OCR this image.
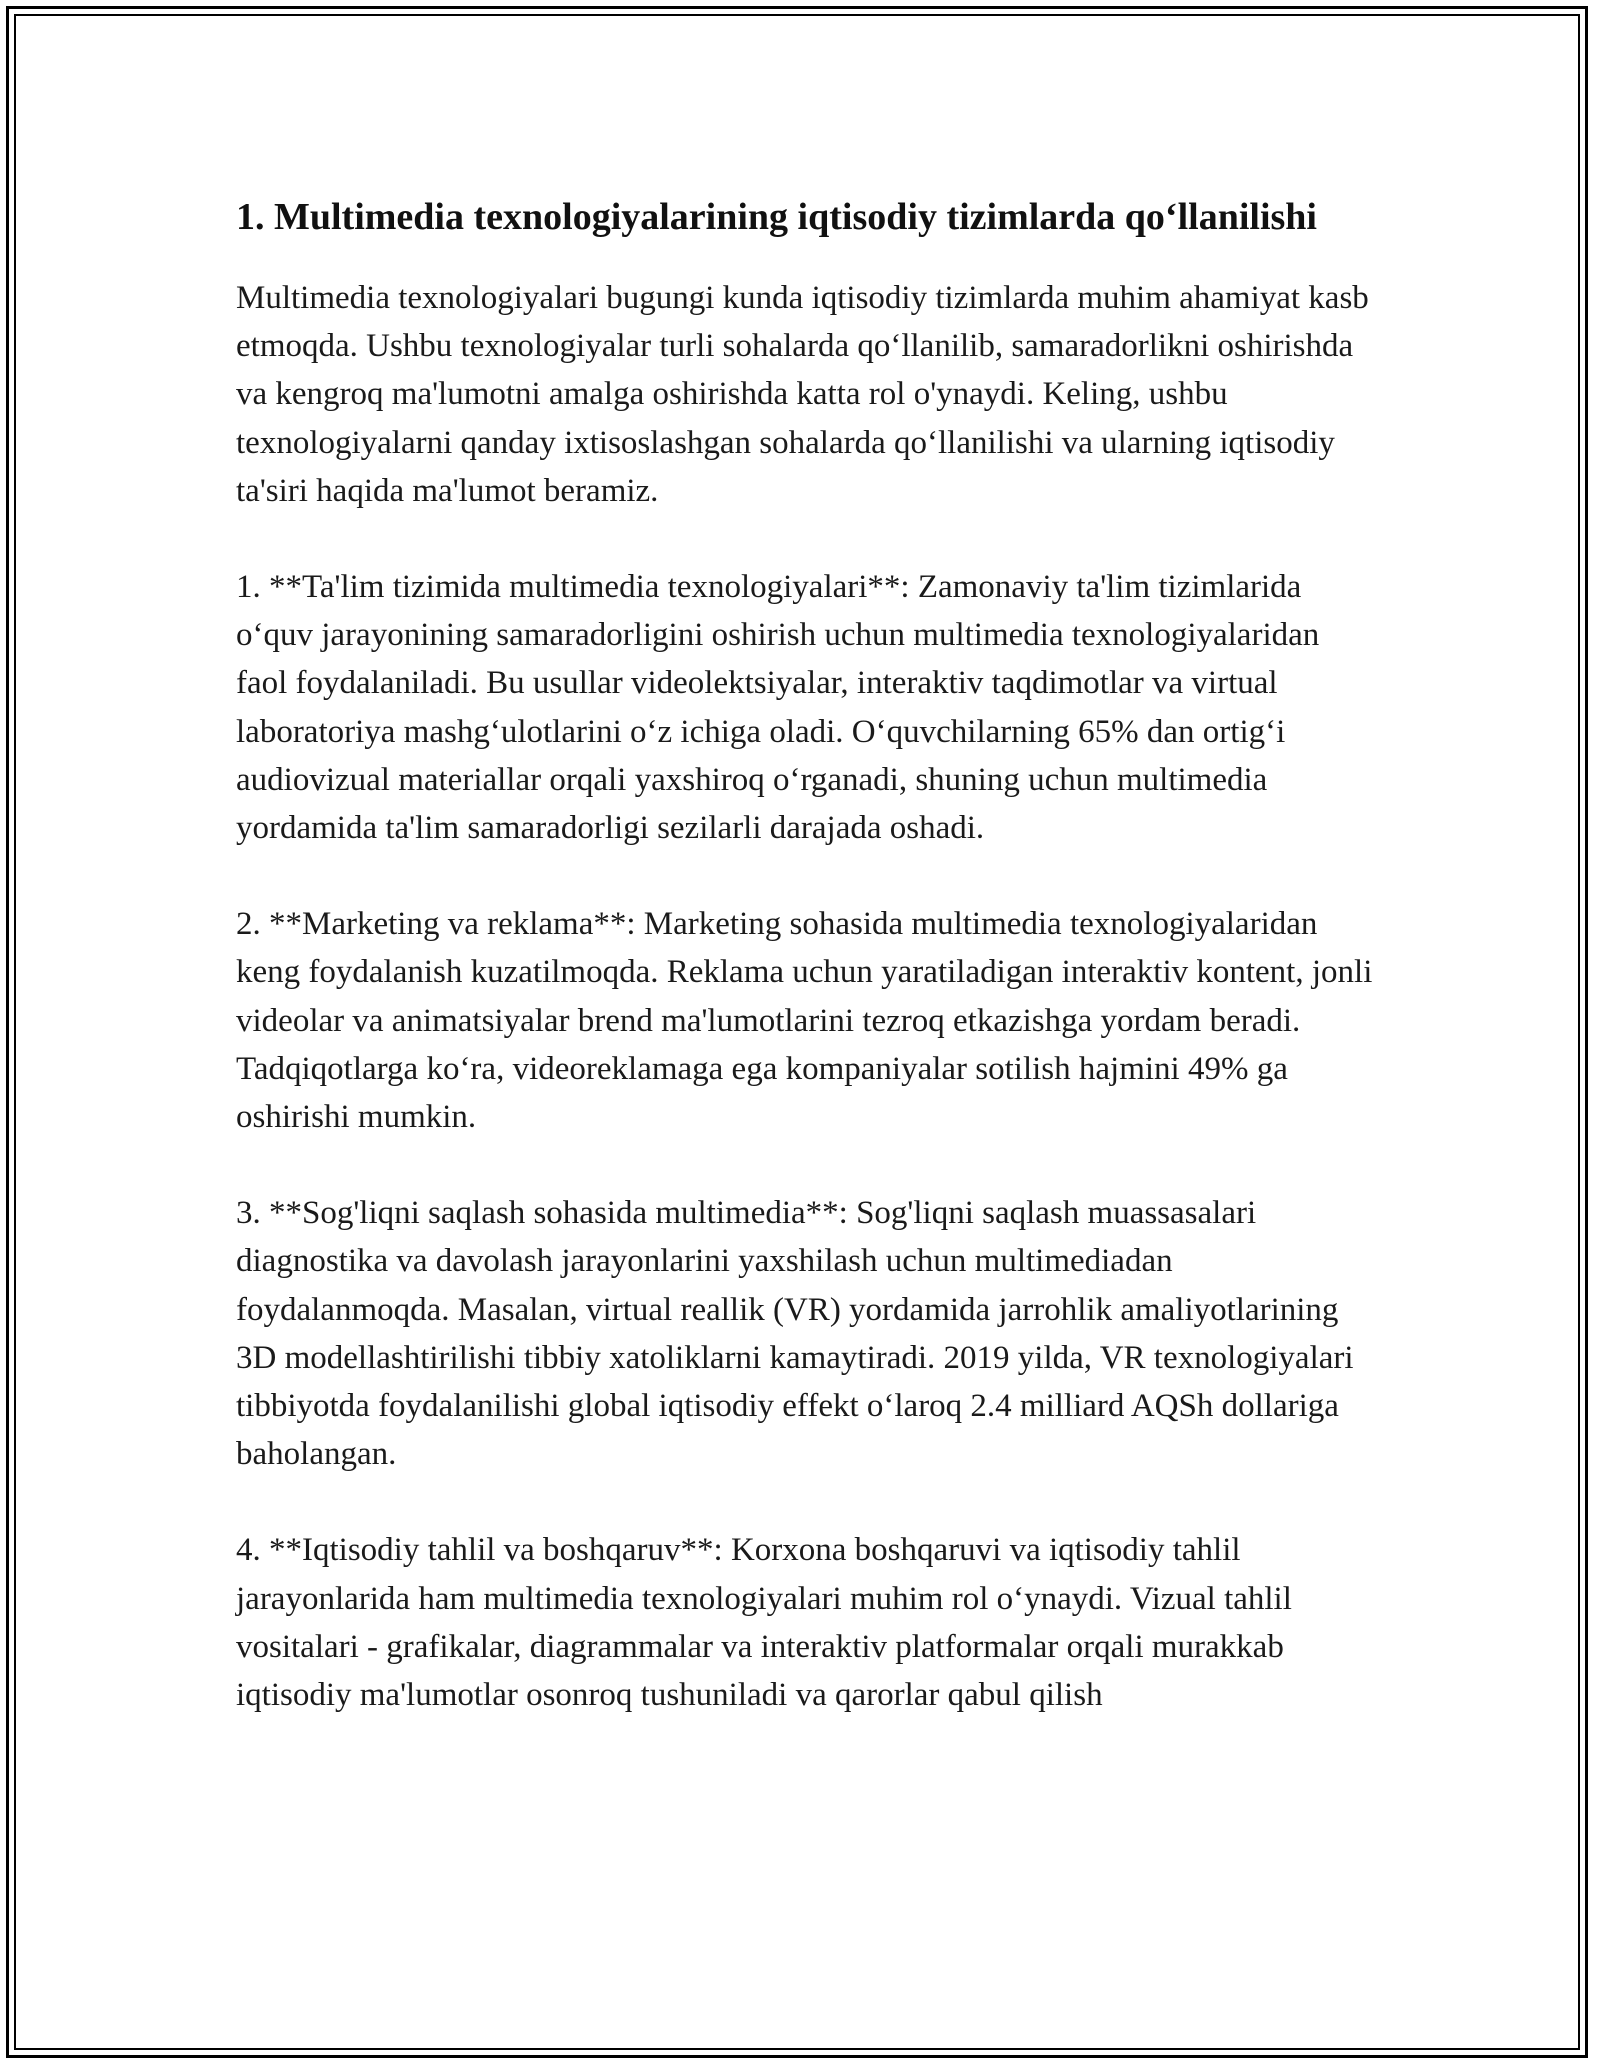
1. Multimedia texnologiyalarining iqtisodiy tizimlarda qo‘llanilishi

Multimedia texnologiyalari bugungi kunda iqtisodiy tizimlarda muhim ahamiyat kasb etmoqda. Ushbu texnologiyalar turli sohalarda qo‘llanilib, samaradorlikni oshirishda va kengroq ma'lumotni amalga oshirishda katta rol o'ynaydi. Keling, ushbu texnologiyalarni qanday ixtisoslashgan sohalarda qo‘llanilishi va ularning iqtisodiy ta'siri haqida ma'lumot beramiz.

1. **Ta'lim tizimida multimedia texnologiyalari**: Zamonaviy ta'lim tizimlarida o‘quv jarayonining samaradorligini oshirish uchun multimedia texnologiyalaridan faol foydalaniladi. Bu usullar videolektsiyalar, interaktiv taqdimotlar va virtual laboratoriya mashg‘ulotlarini o‘z ichiga oladi. O‘quvchilarning 65% dan ortig‘i audiovizual materiallar orqali yaxshiroq o‘rganadi, shuning uchun multimedia yordamida ta'lim samaradorligi sezilarli darajada oshadi.

2. **Marketing va reklama**: Marketing sohasida multimedia texnologiyalaridan keng foydalanish kuzatilmoqda. Reklama uchun yaratiladigan interaktiv kontent, jonli videolar va animatsiyalar brend ma'lumotlarini tezroq etkazishga yordam beradi. Tadqiqotlarga ko‘ra, videoreklamaga ega kompaniyalar sotilish hajmini 49% ga oshirishi mumkin.

3. **Sog'liqni saqlash sohasida multimedia**: Sog'liqni saqlash muassasalari diagnostika va davolash jarayonlarini yaxshilash uchun multimediadan foydalanmoqda. Masalan, virtual reallik (VR) yordamida jarrohlik amaliyotlarining 3D modellashtirilishi tibbiy xatoliklarni kamaytiradi. 2019 yilda, VR texnologiyalari tibbiyotda foydalanilishi global iqtisodiy effekt o‘laroq 2.4 milliard AQSh dollariga baholangan.

4. **Iqtisodiy tahlil va boshqaruv**: Korxona boshqaruvi va iqtisodiy tahlil jarayonlarida ham multimedia texnologiyalari muhim rol o‘ynaydi. Vizual tahlil vositalari - grafikalar, diagrammalar va interaktiv platformalar orqali murakkab iqtisodiy ma'lumotlar osonroq tushuniladi va qarorlar qabul qilish
